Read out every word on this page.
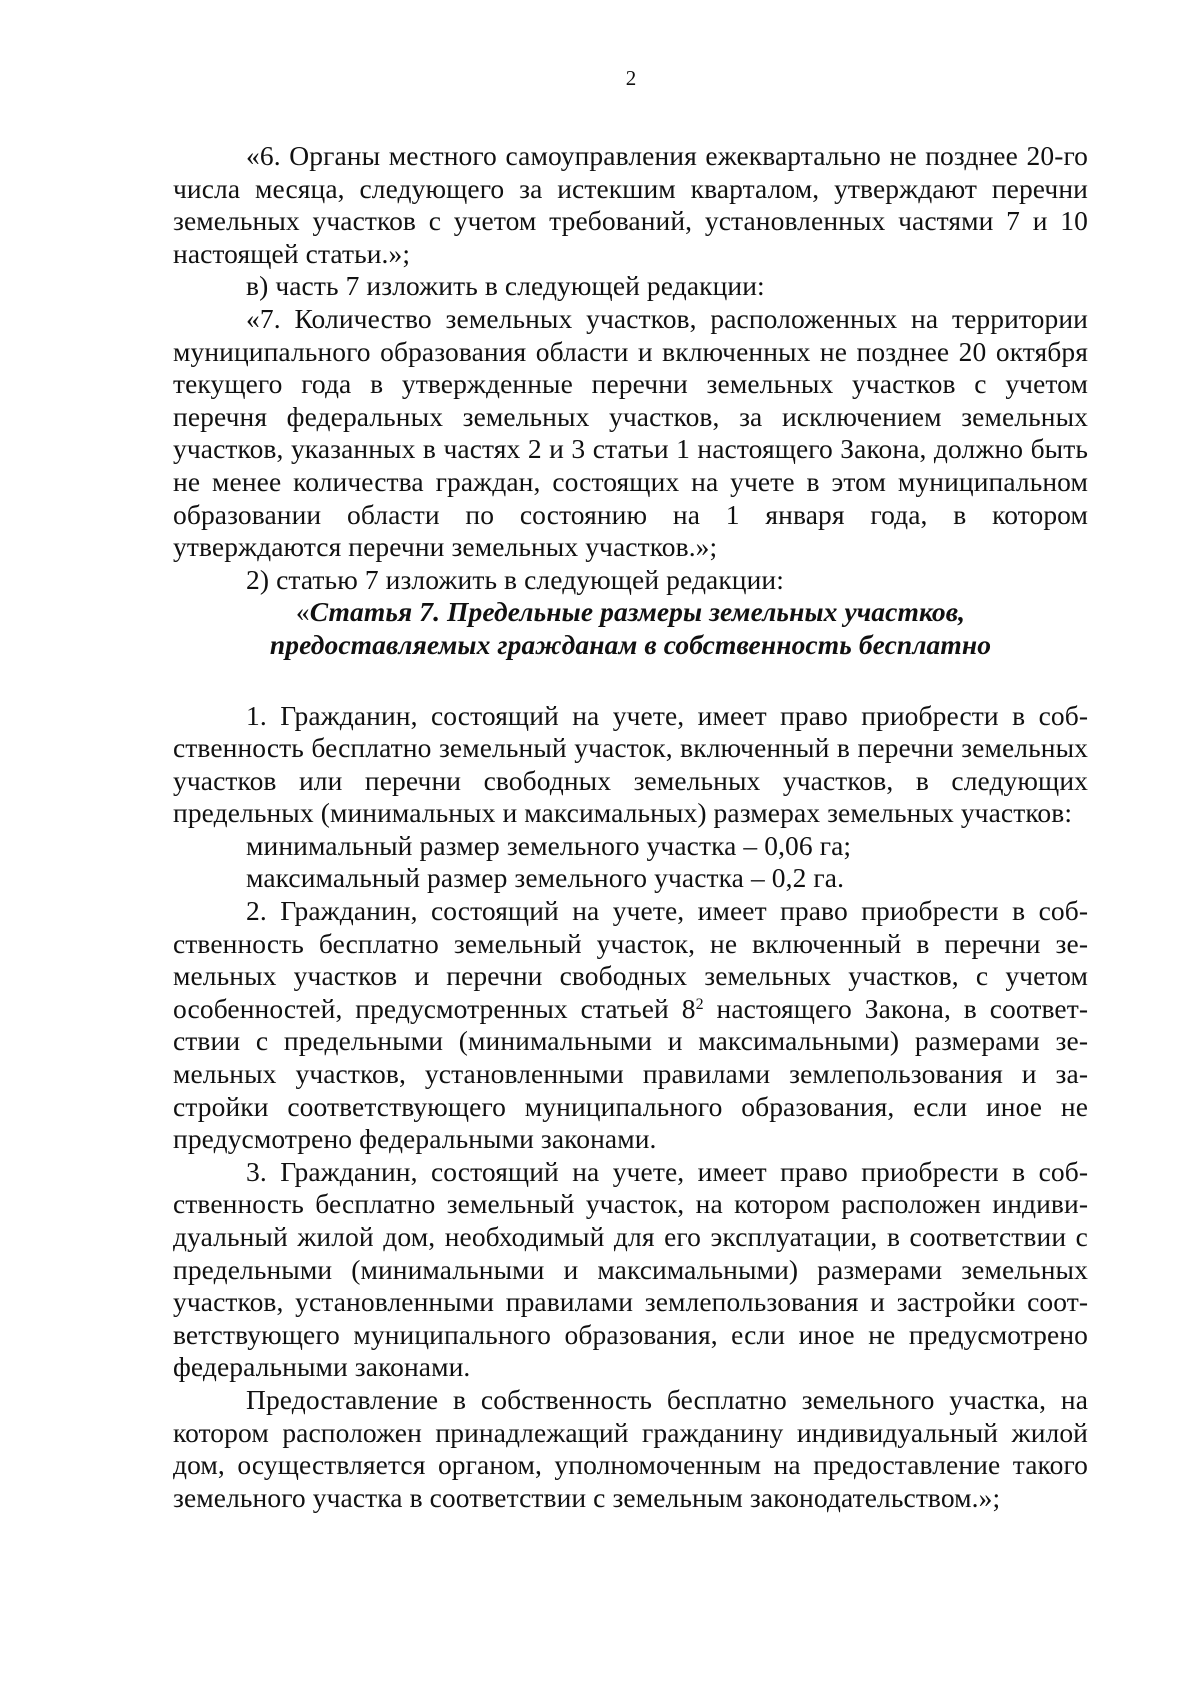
2

«6. Органы местного самоуправления ежеквартально не позднее 20-го числа месяца, следующего за истекшим кварталом, утверждают перечни земельных участков с учетом требований, установленных частями 7 и 10 настоящей статьи.»;

в) часть 7 изложить в следующей редакции:

«7. Количество земельных участков, расположенных на территории муниципального образования области и включенных не позднее 20 октября текущего года в утвержденные перечни земельных участков с учетом перечня федеральных земельных участков, за исключением земельных участков, указанных в частях 2 и 3 статьи 1 настоящего Закона, должно быть не менее количества граждан, состоящих на учете в этом муниципальном образовании области по состоянию на 1 января года, в котором утверждаются перечни земельных участков.»;

2) статью 7 изложить в следующей редакции:

«Статья 7. Предельные размеры земельных участков,
предоставляемых гражданам в собственность бесплатно

1. Гражданин, состоящий на учете, имеет право приобрести в собственность бесплатно земельный участок, включенный в перечни земельных участков или перечни свободных земельных участков, в следующих предельных (минимальных и максимальных) размерах земельных участков:

минимальный размер земельного участка – 0,06 га;

максимальный размер земельного участка – 0,2 га.

2. Гражданин, состоящий на учете, имеет право приобрести в собственность бесплатно земельный участок, не включенный в перечни земельных участков и перечни свободных земельных участков, с учетом особенностей, предусмотренных статьей $8^2$ настоящего Закона, в соответствии с предельными (минимальными и максимальными) размерами земельных участков, установленными правилами землепользования и застройки соответствующего муниципального образования, если иное не предусмотрено федеральными законами.

3. Гражданин, состоящий на учете, имеет право приобрести в собственность бесплатно земельный участок, на котором расположен индивидуальный жилой дом, необходимый для его эксплуатации, в соответствии с предельными (минимальными и максимальными) размерами земельных участков, установленными правилами землепользования и застройки соответствующего муниципального образования, если иное не предусмотрено федеральными законами.

Предоставление в собственность бесплатно земельного участка, на котором расположен принадлежащий гражданину индивидуальный жилой дом, осуществляется органом, уполномоченным на предоставление такого земельного участка в соответствии с земельным законодательством.»;
